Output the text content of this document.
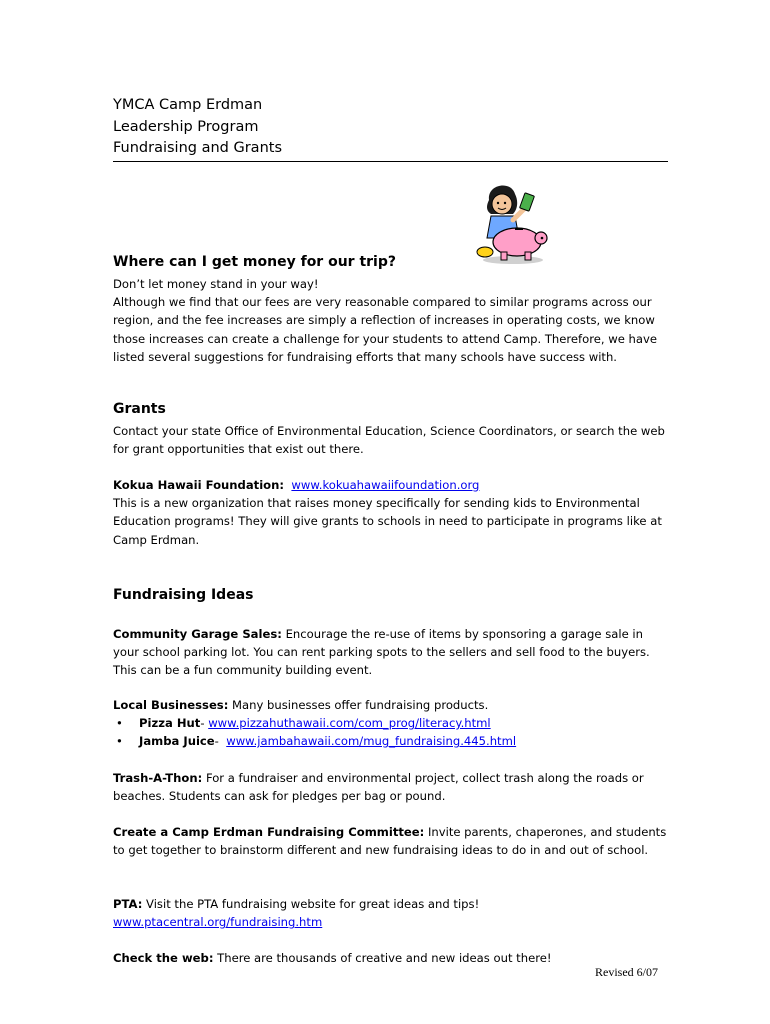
YMCA Camp Erdman
Leadership Program
Fundraising and Grants
Where can I get money for our trip?

Don’t let money stand in your way!

Although we find that our fees are very reasonable compared to similar programs across our region, and the fee increases are simply a reflection of increases in operating costs, we know those increases can create a challenge for your students to attend Camp. Therefore, we have listed several suggestions for fundraising efforts that many schools have success with.

Grants
Contact your state Office of Environmental Education, Science Coordinators, or search the web for grant opportunities that exist out there.

Kokua Hawaii Foundation: www.kokuahawaiifoundation.org

This is a new organization that raises money specifically for sending kids to Environmental Education programs! They will give grants to schools in need to participate in programs like at Camp Erdman.

Fundraising Ideas

Community Garage Sales: Encourage the re-use of items by sponsoring a garage sale in your school parking lot. You can rent parking spots to the sellers and sell food to the buyers. This can be a fun community building event.

Local Businesses: Many businesses offer fundraising products.

• Pizza Hut- www.pizzahuthawaii.com/com_prog/literacy.html
• Jamba Juice-  www.jambahawaii.com/mug_fundraising.445.html

Trash-A-Thon: For a fundraiser and environmental project, collect trash along the roads or beaches. Students can ask for pledges per bag or pound.

Create a Camp Erdman Fundraising Committee: Invite parents, chaperones, and students to get together to brainstorm different and new fundraising ideas to do in and out of school.

PTA: Visit the PTA fundraising website for great ideas and tips!

www.ptacentral.org/fundraising.htm

Check the web: There are thousands of creative and new ideas out there!

Revised 6/07
